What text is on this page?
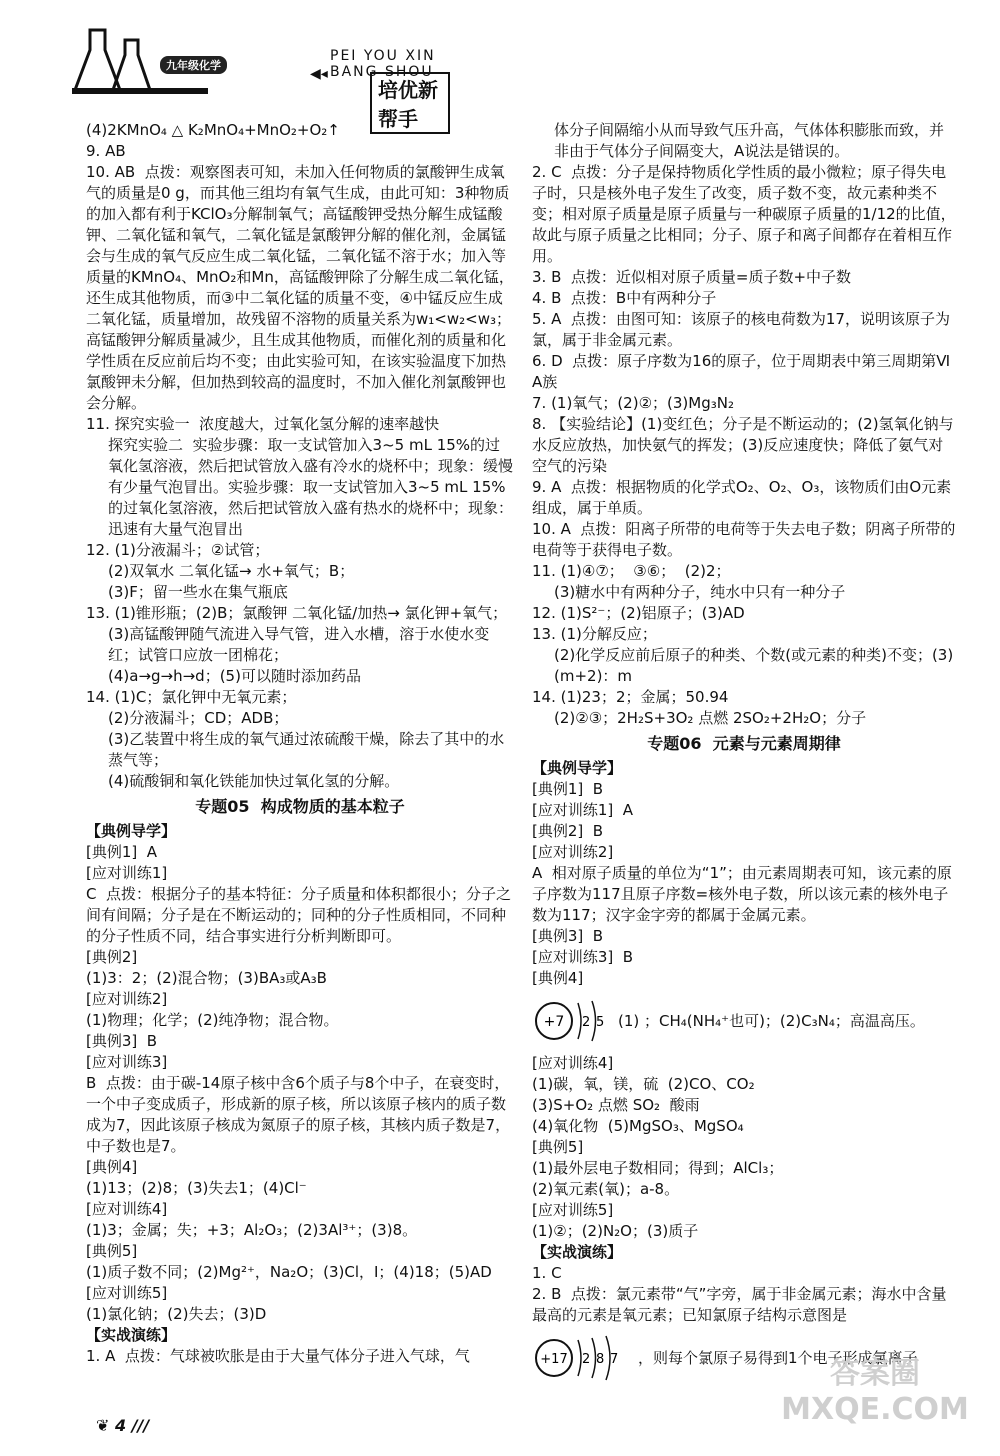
九年级化学
◀◂
PEI YOU XIN BANG SHOU
培优新帮手
(4)2KMnO₄ △ K₂MnO₄+MnO₂+O₂↑
9. AB
10. AB  点拨：观察图表可知，未加入任何物质的氯酸钾生成氧气的质量是0 g，而其他三组均有氧气生成，由此可知：3种物质的加入都有利于KClO₃分解制氧气；高锰酸钾受热分解生成锰酸钾、二氧化锰和氧气，二氧化锰是氯酸钾分解的催化剂，金属锰会与生成的氧气反应生成二氧化锰，二氧化锰不溶于水；加入等质量的KMnO₄、MnO₂和Mn，高锰酸钾除了分解生成二氧化锰，还生成其他物质，而③中二氧化锰的质量不变，④中锰反应生成二氧化锰，质量增加，故残留不溶物的质量关系为w₁<w₂<w₃；高锰酸钾分解质量减少，且生成其他物质，而催化剂的质量和化学性质在反应前后均不变；由此实验可知，在该实验温度下加热氯酸钾未分解，但加热到较高的温度时，不加入催化剂氯酸钾也会分解。
11. 探究实验一  浓度越大，过氧化氢分解的速率越快
探究实验二  实验步骤：取一支试管加入3~5 mL 15%的过氧化氢溶液，然后把试管放入盛有冷水的烧杯中；现象：缓慢有少量气泡冒出。实验步骤：取一支试管加入3~5 mL 15%的过氧化氢溶液，然后把试管放入盛有热水的烧杯中；现象：迅速有大量气泡冒出
12. (1)分液漏斗；②试管；
(2)双氧水 二氧化锰→ 水+氧气；B；
(3)F；留一些水在集气瓶底
13. (1)锥形瓶；(2)B；氯酸钾 二氧化锰/加热→ 氯化钾+氧气；
(3)高锰酸钾随气流进入导气管，进入水槽，溶于水使水变红；试管口应放一团棉花；
(4)a→g→h→d；(5)可以随时添加药品
14. (1)C；氯化钾中无氧元素；
(2)分液漏斗；CD；ADB；
(3)乙装置中将生成的氧气通过浓硫酸干燥，除去了其中的水蒸气等；
(4)硫酸铜和氧化铁能加快过氧化氢的分解。
专题05  构成物质的基本粒子
【典例导学】
[典例1]  A
[应对训练1]
C  点拨：根据分子的基本特征：分子质量和体积都很小；分子之间有间隔；分子是在不断运动的；同种的分子性质相同，不同种的分子性质不同，结合事实进行分析判断即可。
[典例2]
(1)3：2；(2)混合物；(3)BA₃或A₃B
[应对训练2]
(1)物理；化学；(2)纯净物；混合物。
[典例3]  B
[应对训练3]
B  点拨：由于碳-14原子核中含6个质子与8个中子，在衰变时，一个中子变成质子，形成新的原子核，所以该原子核内的质子数成为7，因此该原子核成为氮原子的原子核，其核内质子数是7，中子数也是7。
[典例4]
(1)13；(2)8；(3)失去1；(4)Cl⁻
[应对训练4]
(1)3；金属；失；+3；Al₂O₃；(2)3Al³⁺；(3)8。
[典例5]
(1)质子数不同；(2)Mg²⁺，Na₂O；(3)Cl，I；(4)18；(5)AD
[应对训练5]
(1)氯化钠；(2)失去；(3)D
【实战演练】
1. A  点拨：气球被吹胀是由于大量气体分子进入气球，气
体分子间隔缩小从而导致气压升高，气体体积膨胀而致，并非由于气体分子间隔变大，A说法是错误的。
2. C  点拨：分子是保持物质化学性质的最小微粒；原子得失电子时，只是核外电子发生了改变，质子数不变，故元素种类不变；相对原子质量是原子质量与一种碳原子质量的1/12的比值，故此与原子质量之比相同；分子、原子和离子间都存在着相互作用。
3. B  点拨：近似相对原子质量=质子数+中子数
4. B  点拨：B中有两种分子
5. A  点拨：由图可知：该原子的核电荷数为17，说明该原子为氯，属于非金属元素。
6. D  点拨：原子序数为16的原子，位于周期表中第三周期第ⅥA族
7. (1)氧气；(2)②；(3)Mg₃N₂
8. 【实验结论】(1)变红色；分子是不断运动的；(2)氢氧化钠与水反应放热，加快氨气的挥发；(3)反应速度快；降低了氨气对空气的污染
9. A  点拨：根据物质的化学式O₂、O₂、O₃，该物质们由O元素组成，属于单质。
10. A  点拨：阳离子所带的电荷等于失去电子数；阴离子所带的电荷等于获得电子数。
11. (1)④⑦；  ③⑥；  (2)2；
(3)糖水中有两种分子，纯水中只有一种分子
12. (1)S²⁻；(2)铝原子；(3)AD
13. (1)分解反应；
(2)化学反应前后原子的种类、个数(或元素的种类)不变；(3)(m+2)：m
14. (1)23；2；金属；50.94
(2)②③；2H₂S+3O₂ 点燃 2SO₂+2H₂O；分子
专题06  元素与元素周期律
【典例导学】
[典例1]  B
[应对训练1]  A
[典例2]  B
[应对训练2]
A  相对原子质量的单位为“1”；由元素周期表可知，该元素的原子序数为117且原子序数=核外电子数，所以该元素的核外电子数为117；汉字金字旁的都属于金属元素。
[典例3]  B
[应对训练3]  B
[典例4]
+7 2 5 (1) ；CH₄(NH₄⁺也可)；(2)C₃N₄；高温高压。
[应对训练4]
(1)碳，氧，镁，硫  (2)CO、CO₂
(3)S+O₂ 点燃 SO₂  酸雨
(4)氧化物  (5)MgSO₃、MgSO₄
[典例5]
(1)最外层电子数相同；得到；AlCl₃；
(2)氧元素(氧)；a-8。
[应对训练5]
(1)②；(2)N₂O；(3)质子
【实战演练】
1. C
2. B  点拨：氯元素带“气”字旁，属于非金属元素；海水中含量最高的元素是氧元素；已知氯原子结构示意图是
+17 2 8 7	，则每个氯原子易得到1个电子形成氯离子
❦ 4 ///
答案圈
MXQE.COM
